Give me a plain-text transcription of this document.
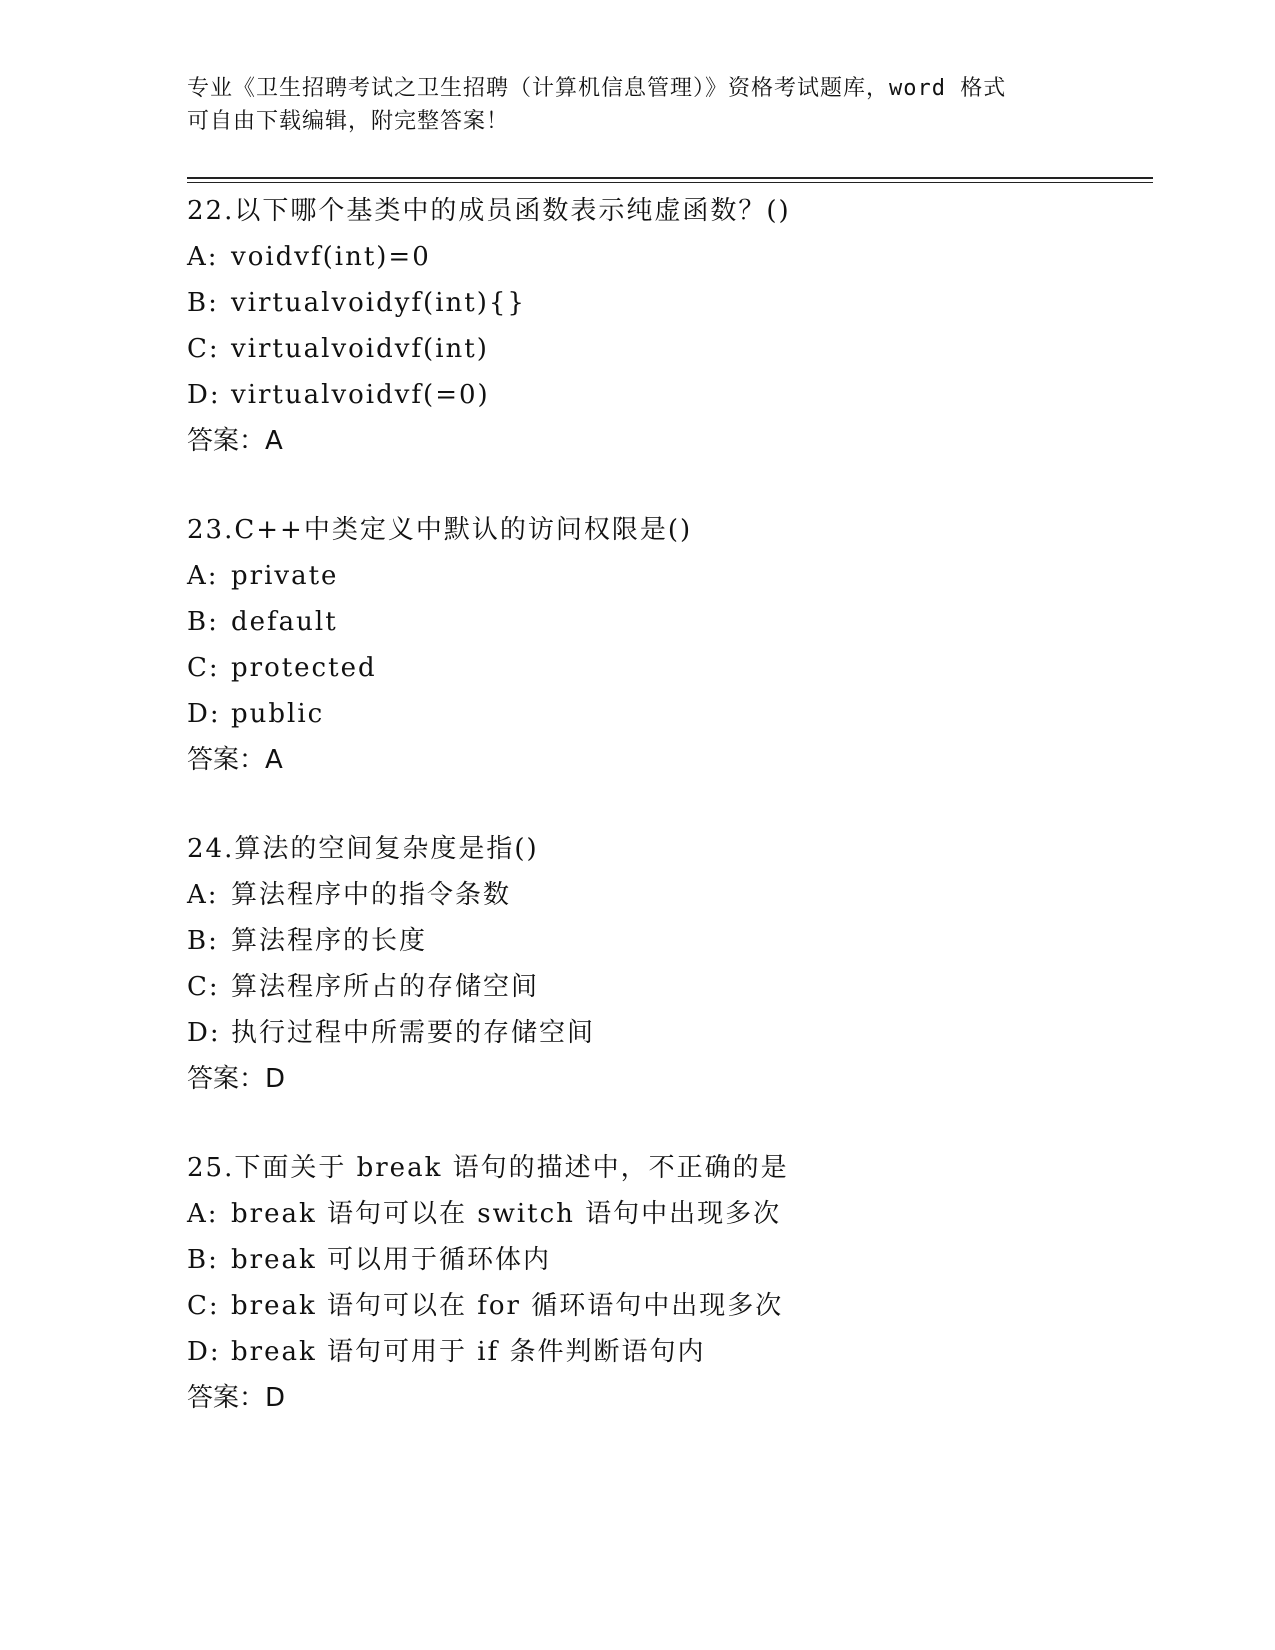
专业《卫生招聘考试之卫生招聘（计算机信息管理）》资格考试题库，word 格式
可自由下载编辑，附完整答案！
22.以下哪个基类中的成员函数表示纯虚函数？()
A: voidvf(int)=0
B: virtualvoidyf(int){}
C: virtualvoidvf(int)
D: virtualvoidvf(=0)
答案：A
23.C++中类定义中默认的访问权限是()
A: private
B: default
C: protected
D: public
答案：A
24.算法的空间复杂度是指()
A: 算法程序中的指令条数
B: 算法程序的长度
C: 算法程序所占的存储空间
D: 执行过程中所需要的存储空间
答案：D
25.下面关于 break 语句的描述中，不正确的是
A: break 语句可以在 switch 语句中出现多次
B: break 可以用于循环体内
C: break 语句可以在 for 循环语句中出现多次
D: break 语句可用于 if 条件判断语句内
答案：D
